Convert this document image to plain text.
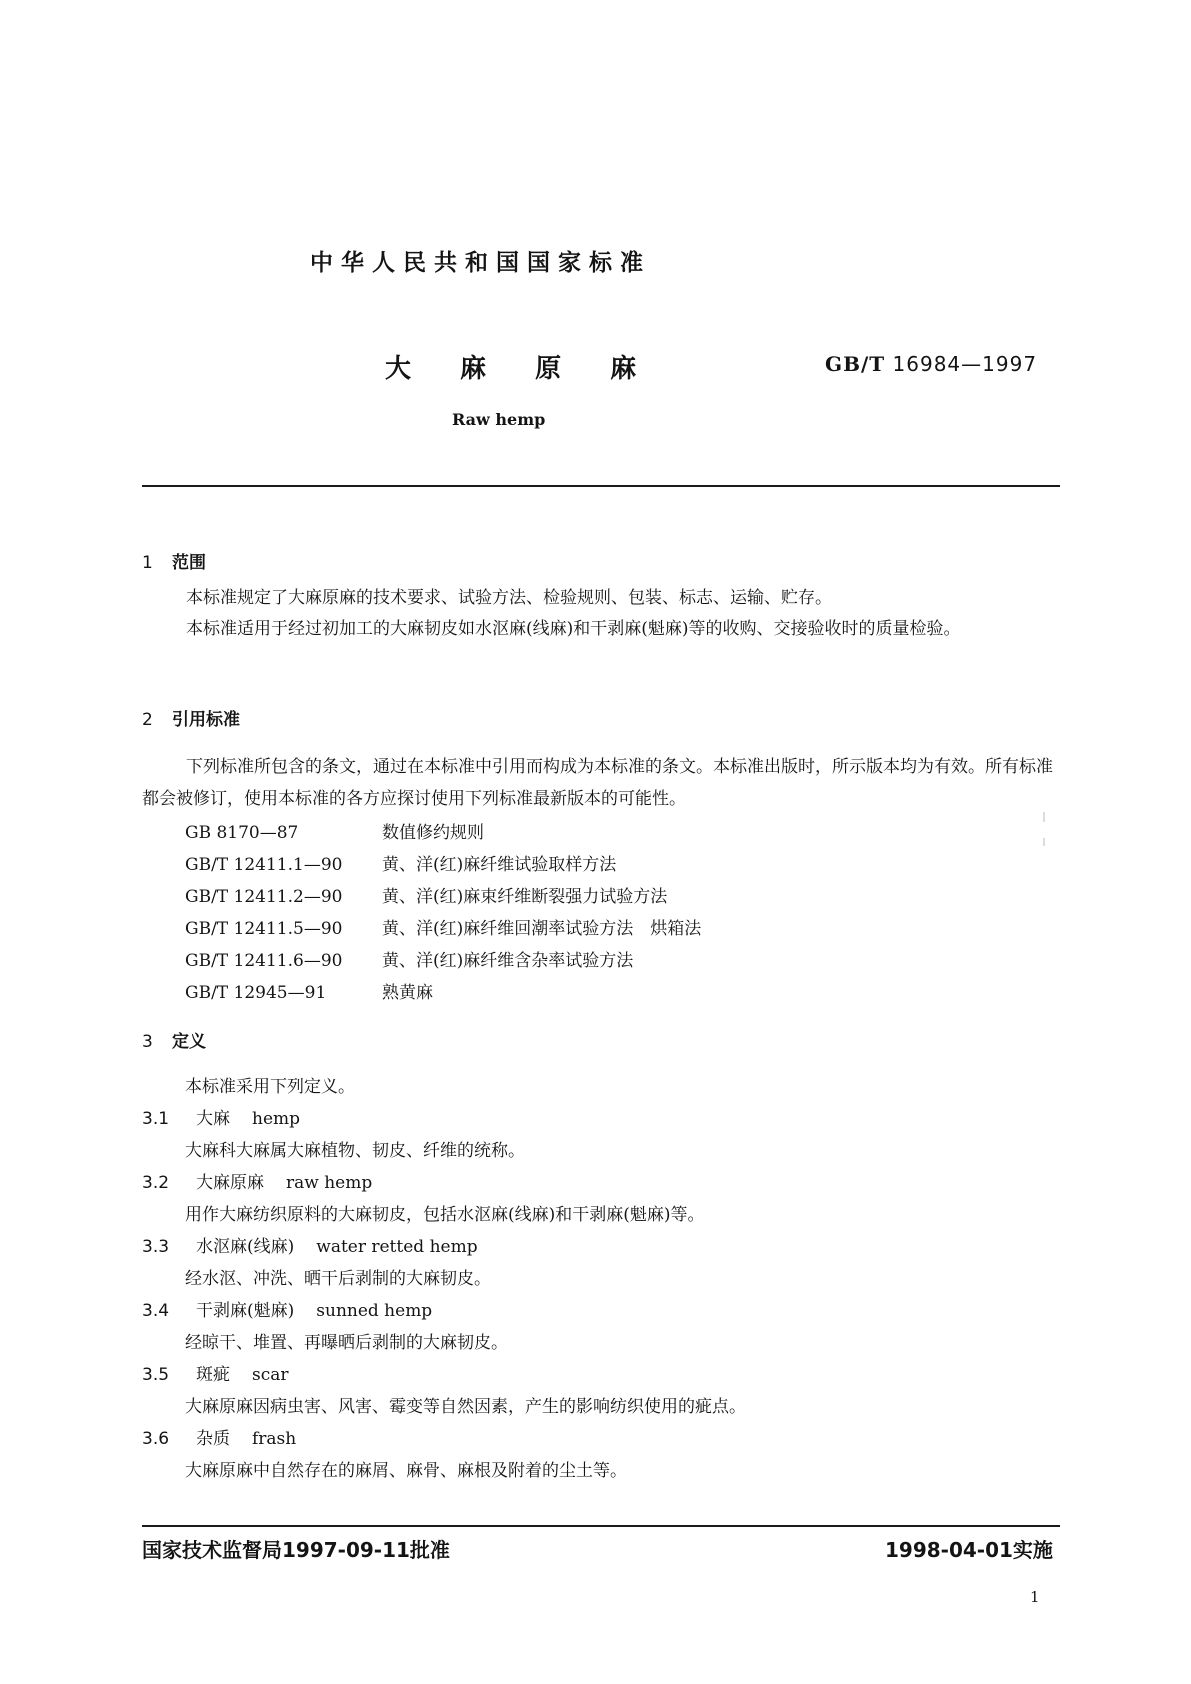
中华人民共和国国家标准
大 麻 原 麻	GB/T 16984—1997
Raw hemp
1 范围
本标准规定了大麻原麻的技术要求、试验方法、检验规则、包装、标志、运输、贮存。
本标准适用于经过初加工的大麻韧皮如水沤麻(线麻)和干剥麻(魁麻)等的收购、交接验收时的质量检验。
2 引用标准
下列标准所包含的条文，通过在本标准中引用而构成为本标准的条文。本标准出版时，所示版本均为有效。所有标准都会被修订，使用本标准的各方应探讨使用下列标准最新版本的可能性。
GB 8170—87	数值修约规则
GB/T 12411.1—90 黄、洋(红)麻纤维试验取样方法
GB/T 12411.2—90 黄、洋(红)麻束纤维断裂强力试验方法
GB/T 12411.5—90 黄、洋(红)麻纤维回潮率试验方法　烘箱法
GB/T 12411.6—90 黄、洋(红)麻纤维含杂率试验方法
GB/T 12945—91	熟黄麻
3 定义
本标准采用下列定义。
3.1 大麻 hemp
大麻科大麻属大麻植物、韧皮、纤维的统称。
3.2 大麻原麻 raw hemp
用作大麻纺织原料的大麻韧皮，包括水沤麻(线麻)和干剥麻(魁麻)等。
3.3 水沤麻(线麻) water retted hemp
经水沤、冲洗、晒干后剥制的大麻韧皮。
3.4 干剥麻(魁麻) sunned hemp
经晾干、堆置、再曝晒后剥制的大麻韧皮。
3.5 斑疵 scar
大麻原麻因病虫害、风害、霉变等自然因素，产生的影响纺织使用的疵点。
3.6 杂质 frash
大麻原麻中自然存在的麻屑、麻骨、麻根及附着的尘土等。
国家技术监督局1997-09-11批准	1998-04-01实施
1
